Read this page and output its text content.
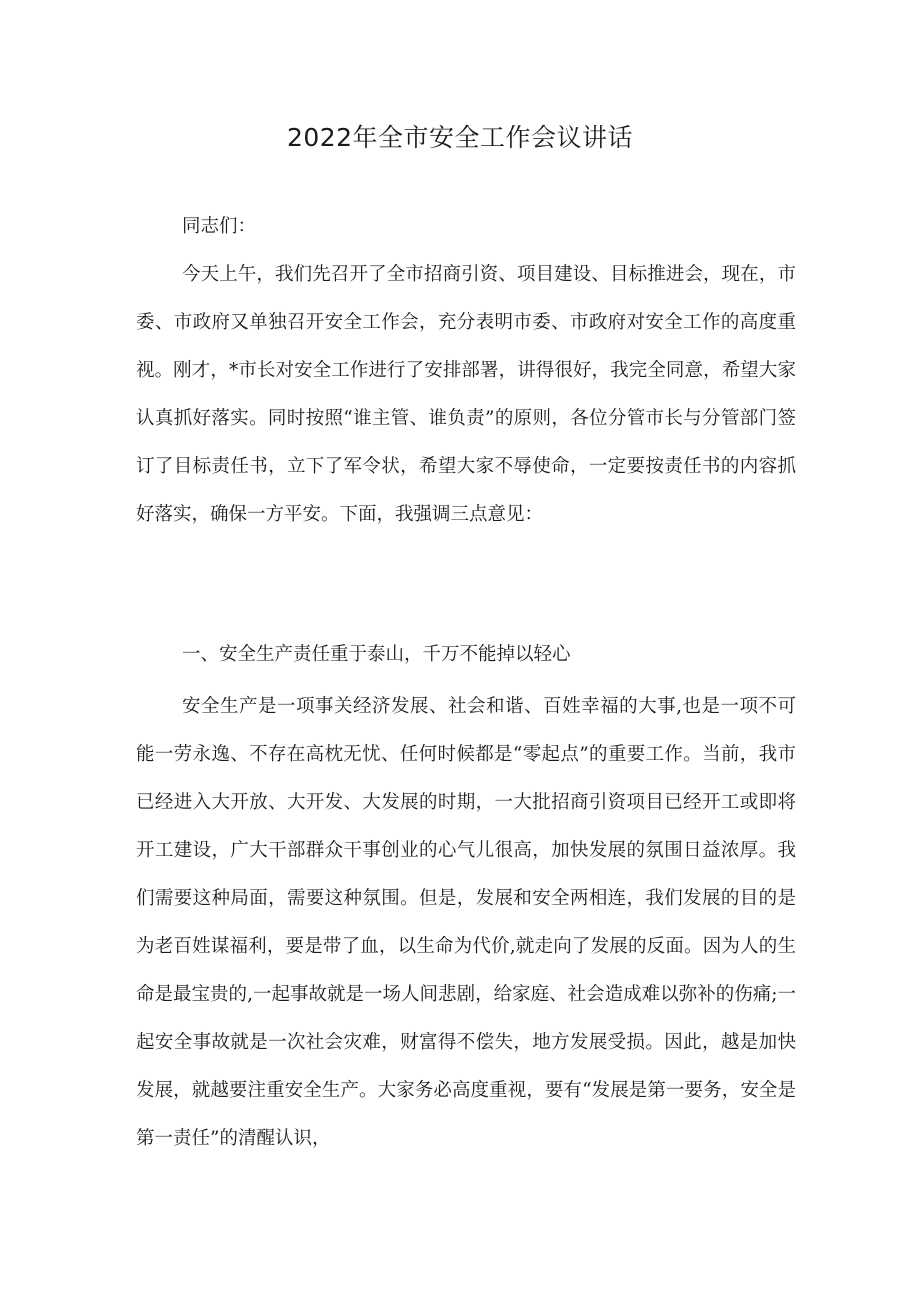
2022年全市安全工作会议讲话

同志们：

今天上午，我们先召开了全市招商引资、项目建设、目标推进会，现在，市委、市政府又单独召开安全工作会，充分表明市委、市政府对安全工作的高度重视。刚才，*市长对安全工作进行了安排部署，讲得很好，我完全同意，希望大家认真抓好落实。同时按照“谁主管、谁负责”的原则，各位分管市长与分管部门签订了目标责任书，立下了军令状，希望大家不辱使命，一定要按责任书的内容抓好落实，确保一方平安。下面，我强调三点意见：

一、安全生产责任重于泰山，千万不能掉以轻心

安全生产是一项事关经济发展、社会和谐、百姓幸福的大事,也是一项不可能一劳永逸、不存在高枕无忧、任何时候都是“零起点”的重要工作。当前，我市已经进入大开放、大开发、大发展的时期，一大批招商引资项目已经开工或即将开工建设，广大干部群众干事创业的心气儿很高，加快发展的氛围日益浓厚。我们需要这种局面，需要这种氛围。但是，发展和安全两相连，我们发展的目的是为老百姓谋福利，要是带了血，以生命为代价,就走向了发展的反面。因为人的生命是最宝贵的,一起事故就是一场人间悲剧，给家庭、社会造成难以弥补的伤痛;一起安全事故就是一次社会灾难，财富得不偿失，地方发展受损。因此，越是加快发展，就越要注重安全生产。大家务必高度重视，要有“发展是第一要务，安全是第一责任”的清醒认识，
